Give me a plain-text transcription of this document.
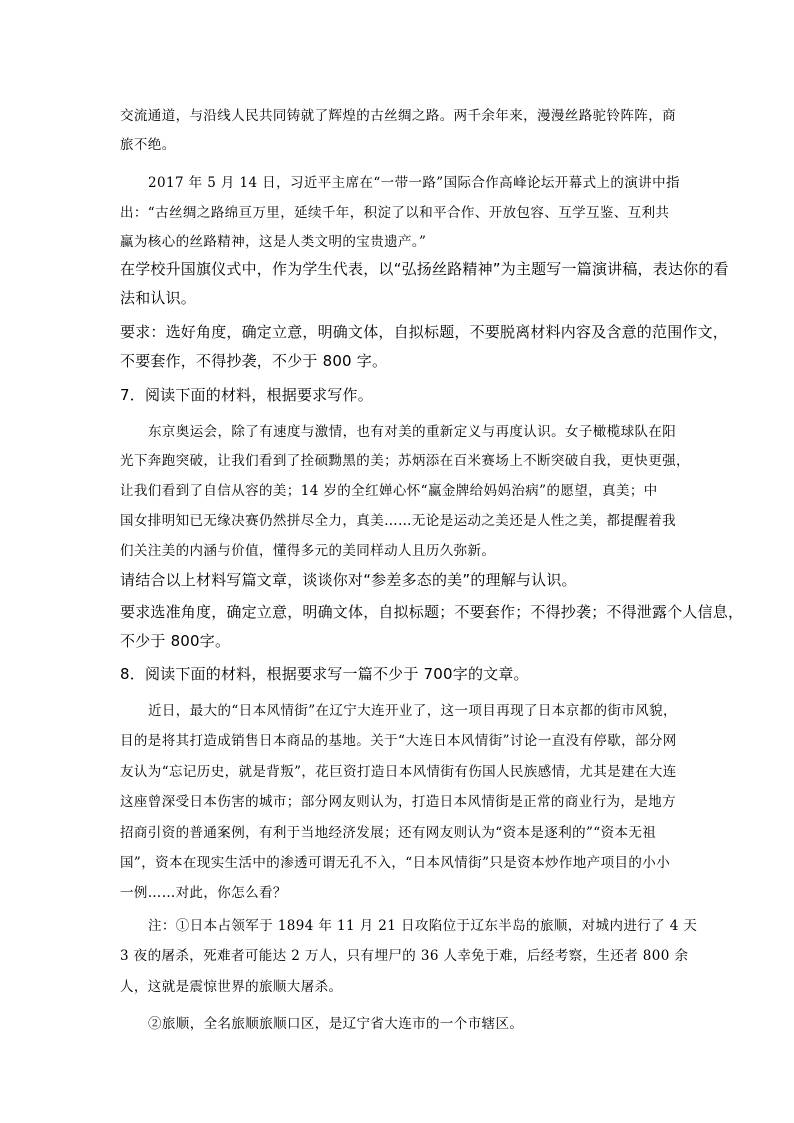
交流通道，与沿线人民共同铸就了辉煌的古丝绸之路。两千余年来，漫漫丝路驼铃阵阵，商

旅不绝。

2017 年 5 月 14 日，习近平主席在“一带一路”国际合作高峰论坛开幕式上的演讲中指

出：“古丝绸之路绵亘万里，延续千年，积淀了以和平合作、开放包容、互学互鉴、互利共

赢为核心的丝路精神，这是人类文明的宝贵遗产。”

在学校升国旗仪式中，作为学生代表，以“弘扬丝路精神”为主题写一篇演讲稿，表达你的看

法和认识。

要求：选好角度，确定立意，明确文体，自拟标题，不要脱离材料内容及含意的范围作文，

不要套作，不得抄袭，不少于 800 字。

7．阅读下面的材料，根据要求写作。

东京奥运会，除了有速度与激情，也有对美的重新定义与再度认识。女子橄榄球队在阳

光下奔跑突破，让我们看到了拴硕黝黑的美；苏炳添在百米赛场上不断突破自我，更快更强，

让我们看到了自信从容的美；14 岁的全红婵心怀“赢金牌给妈妈治病”的愿望，真美；中

国女排明知已无缘决赛仍然拼尽全力，真美……无论是运动之美还是人性之美，都提醒着我

们关注美的内涵与价值，懂得多元的美同样动人且历久弥新。

请结合以上材料写篇文章，谈谈你对“参差多态的美”的理解与认识。

要求选准角度，确定立意，明确文体，自拟标题；不要套作；不得抄袭；不得泄露个人信息，

不少于 800字。

8．阅读下面的材料，根据要求写一篇不少于 700字的文章。

近日，最大的“日本风情街”在辽宁大连开业了，这一项目再现了日本京都的街市风貌，

目的是将其打造成销售日本商品的基地。关于“大连日本风情街”讨论一直没有停歇，部分网

友认为“忘记历史，就是背叛”，花巨资打造日本风情街有伤国人民族感情，尤其是建在大连

这座曾深受日本伤害的城市；部分网友则认为，打造日本风情街是正常的商业行为，是地方

招商引资的普通案例，有利于当地经济发展；还有网友则认为“资本是逐利的”“资本无祖

国”，资本在现实生活中的渗透可谓无孔不入，“日本风情街”只是资本炒作地产项目的小小

一例……对此，你怎么看？

注：①日本占领军于 1894 年 11 月 21 日攻陷位于辽东半岛的旅顺，对城内进行了 4 天

3 夜的屠杀，死难者可能达 2 万人，只有埋尸的 36 人幸免于难，后经考察，生还者 800 余

人，这就是震惊世界的旅顺大屠杀。

②旅顺，全名旅顺旅顺口区，是辽宁省大连市的一个市辖区。
